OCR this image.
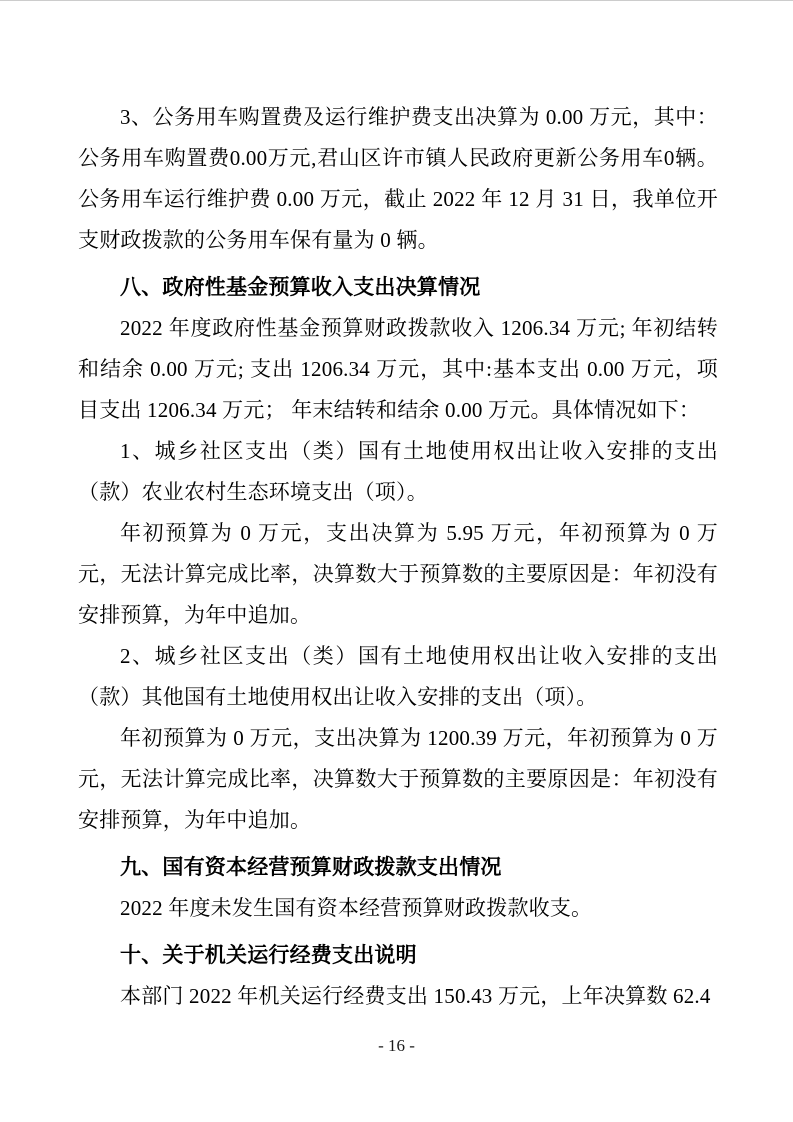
3、公务用车购置费及运行维护费支出决算为 0.00 万元，其中：公务用车购置费0.00万元,君山区许市镇人民政府更新公务用车0辆。公务用车运行维护费 0.00 万元，截止 2022 年 12 月 31 日，我单位开支财政拨款的公务用车保有量为 0 辆。

八、政府性基金预算收入支出决算情况

2022 年度政府性基金预算财政拨款收入 1206.34 万元; 年初结转和结余 0.00 万元; 支出 1206.34 万元，其中:基本支出 0.00 万元，项目支出 1206.34 万元； 年末结转和结余 0.00 万元。具体情况如下：

1、城乡社区支出（类）国有土地使用权出让收入安排的支出（款）农业农村生态环境支出（项）。

年初预算为 0 万元，支出决算为 5.95 万元，年初预算为 0 万元，无法计算完成比率，决算数大于预算数的主要原因是：年初没有安排预算，为年中追加。

2、城乡社区支出（类）国有土地使用权出让收入安排的支出（款）其他国有土地使用权出让收入安排的支出（项）。

年初预算为 0 万元，支出决算为 1200.39 万元，年初预算为 0 万元，无法计算完成比率，决算数大于预算数的主要原因是：年初没有安排预算，为年中追加。

九、国有资本经营预算财政拨款支出情况

2022 年度未发生国有资本经营预算财政拨款收支。

十、关于机关运行经费支出说明

本部门 2022 年机关运行经费支出 150.43 万元，上年决算数 62.4

- 16 -
